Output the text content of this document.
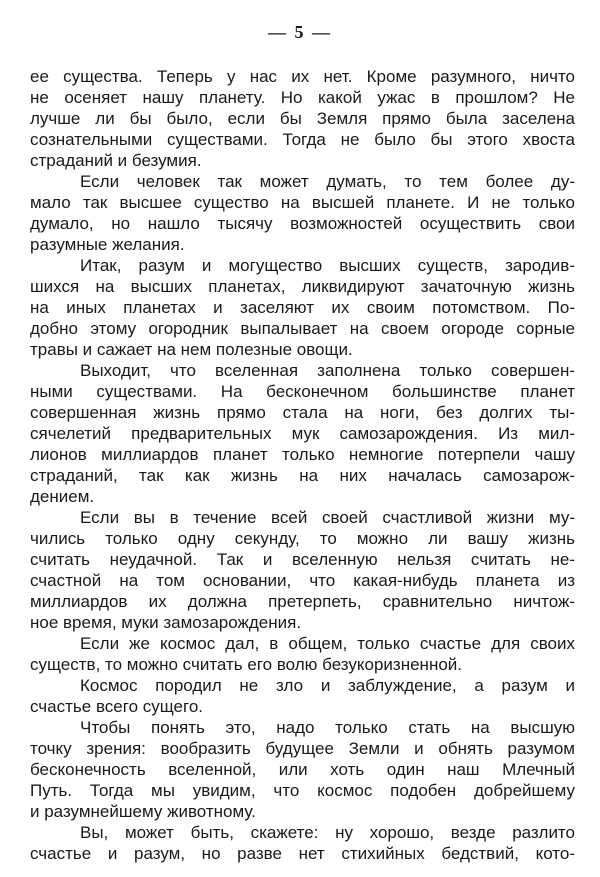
— 5 —
ее существа. Теперь у нас их нет. Кроме разумного, ничто
не осеняет нашу планету. Но какой ужас в прошлом? Не
лучше ли бы было, если бы Земля прямо была заселена
сознательными существами. Тогда не было бы этого хвоста
страданий и безумия.
Если человек так может думать, то тем более ду-
мало так высшее существо на высшей планете. И не только
думало, но нашло тысячу возможностей осуществить свои
разумные желания.
Итак, разум и могущество высших существ, зародив-
шихся на высших планетах, ликвидируют зачаточную жизнь
на иных планетах и заселяют их своим потомством. По-
добно этому огородник выпалывает на своем огороде сорные
травы и сажает на нем полезные овощи.
Выходит, что вселенная заполнена только совершен-
ными существами. На бесконечном большинстве планет
совершенная жизнь прямо стала на ноги, без долгих ты-
сячелетий предварительных мук самозарождения. Из мил-
лионов миллиардов планет только немногие потерпели чашу
страданий, так как жизнь на них началась самозарож-
дением.
Если вы в течение всей своей счастливой жизни му-
чились только одну секунду, то можно ли вашу жизнь
считать неудачной. Так и вселенную нельзя считать не-
счастной на том основании, что какая-нибудь планета из
миллиардов их должна претерпеть, сравнительно ничтож-
ное время, муки замозарождения.
Если же космос дал, в общем, только счастье для своих
существ, то можно считать его волю безукоризненной.
Космос породил не зло и заблуждение, а разум и
счастье всего сущего.
Чтобы понять это, надо только стать на высшую
точку зрения: вообразить будущее Земли и обнять разумом
бесконечность вселенной, или хоть один наш Млечный
Путь. Тогда мы увидим, что космос подобен добрейшему
и разумнейшему животному.
Вы, может быть, скажете: ну хорошо, везде разлито
счастье и разум, но разве нет стихийных бедствий, кото-
